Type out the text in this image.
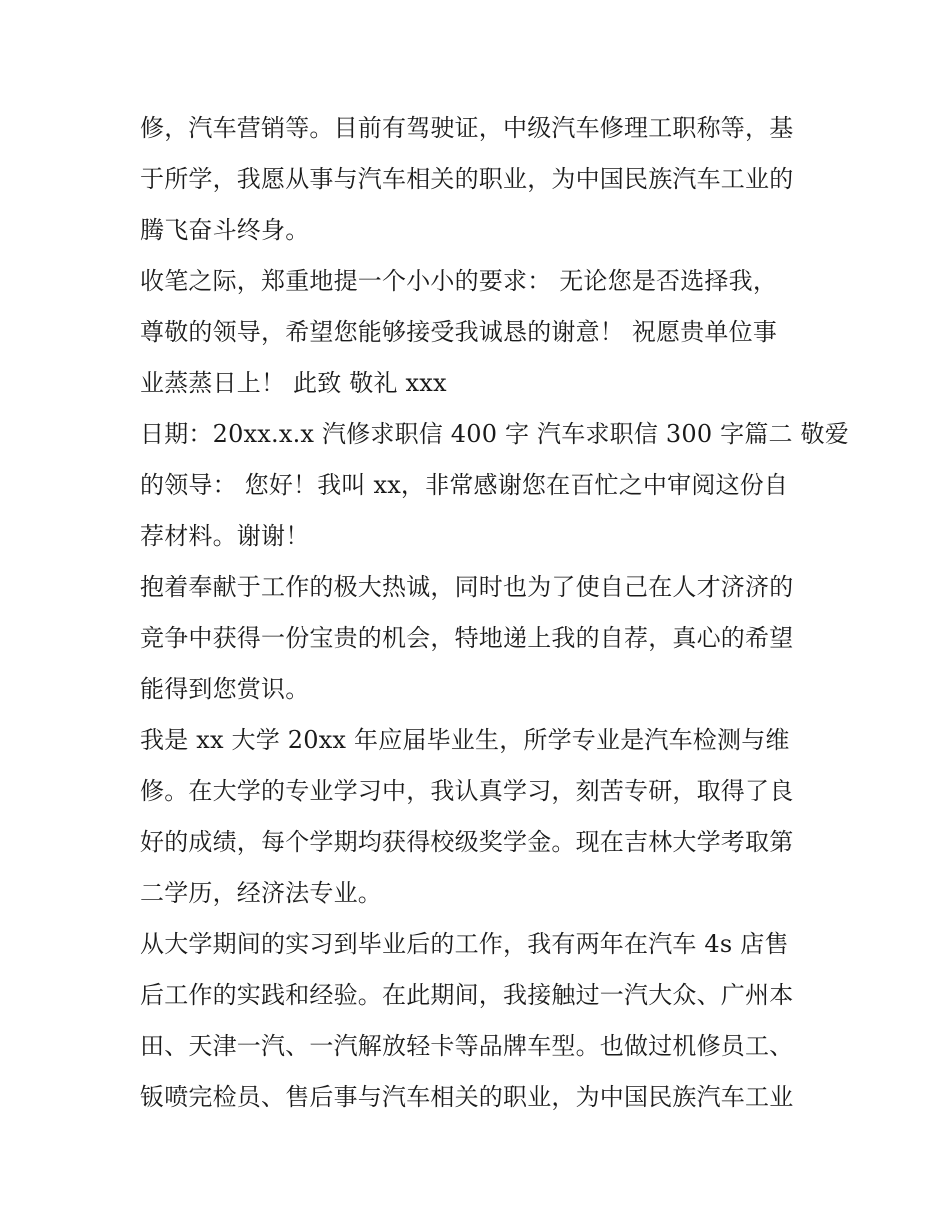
修，汽车营销等。目前有驾驶证，中级汽车修理工职称等，基
于所学，我愿从事与汽车相关的职业，为中国民族汽车工业的
腾飞奋斗终身。
收笔之际，郑重地提一个小小的要求： 无论您是否选择我，
尊敬的领导，希望您能够接受我诚恳的谢意！ 祝愿贵单位事
业蒸蒸日上！ 此致 敬礼 xxx
日期：20xx.x.x 汽修求职信 400 字 汽车求职信 300 字篇二 敬爱
的领导： 您好！我叫 xx，非常感谢您在百忙之中审阅这份自
荐材料。谢谢！
抱着奉献于工作的极大热诚，同时也为了使自己在人才济济的
竞争中获得一份宝贵的机会，特地递上我的自荐，真心的希望
能得到您赏识。
我是 xx 大学 20xx 年应届毕业生，所学专业是汽车检测与维
修。在大学的专业学习中，我认真学习，刻苦专研，取得了良
好的成绩，每个学期均获得校级奖学金。现在吉林大学考取第
二学历，经济法专业。
从大学期间的实习到毕业后的工作，我有两年在汽车 4s 店售
后工作的实践和经验。在此期间，我接触过一汽大众、广州本
田、天津一汽、一汽解放轻卡等品牌车型。也做过机修员工、
钣喷完检员、售后事与汽车相关的职业，为中国民族汽车工业
